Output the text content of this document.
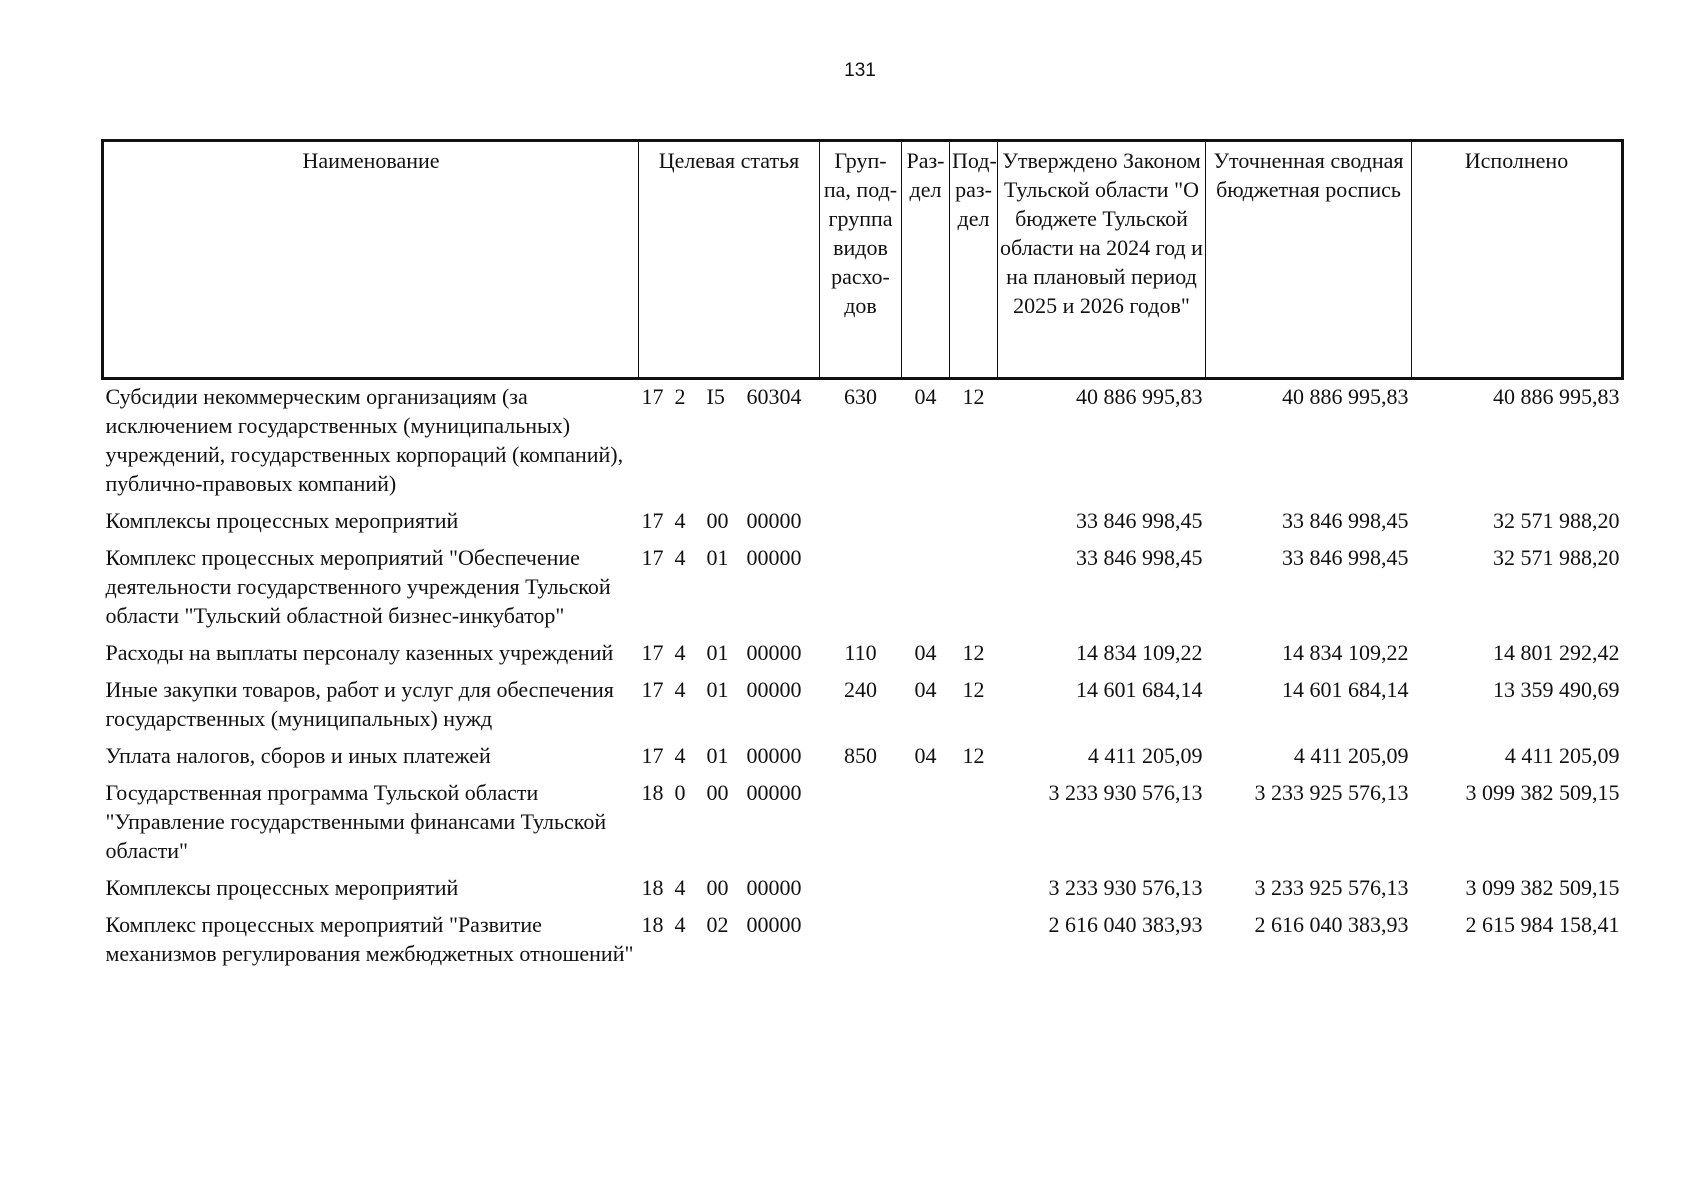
131
Наименование	Целевая статья	Груп-па, под-группа видов расхо-дов	Раз-дел	Под-раз-дел	Утверждено Законом Тульской области "О бюджете Тульской области на 2024 год и на плановый период 2025 и 2026 годов"	Уточненная сводная бюджетная роспись	Исполнено
Субсидии некоммерческим организациям (за исключением государственных (муниципальных) учреждений, государственных корпораций (компаний), публично-правовых компаний)	17 2 I5 60304	630	04	12	40 886 995,83	40 886 995,83	40 886 995,83
Комплексы процессных мероприятий	17 4 00 00000				33 846 998,45	33 846 998,45	32 571 988,20
Комплекс процессных мероприятий "Обеспечение деятельности государственного учреждения Тульской области "Тульский областной бизнес-инкубатор"	17 4 01 00000				33 846 998,45	33 846 998,45	32 571 988,20
Расходы на выплаты персоналу казенных учреждений	17 4 01 00000	110	04	12	14 834 109,22	14 834 109,22	14 801 292,42
Иные закупки товаров, работ и услуг для обеспечения государственных (муниципальных) нужд	17 4 01 00000	240	04	12	14 601 684,14	14 601 684,14	13 359 490,69
Уплата налогов, сборов и иных платежей	17 4 01 00000	850	04	12	4 411 205,09	4 411 205,09	4 411 205,09
Государственная программа Тульской области "Управление государственными финансами Тульской области"	18 0 00 00000				3 233 930 576,13	3 233 925 576,13	3 099 382 509,15
Комплексы процессных мероприятий	18 4 00 00000				3 233 930 576,13	3 233 925 576,13	3 099 382 509,15
Комплекс процессных мероприятий "Развитие механизмов регулирования межбюджетных отношений"	18 4 02 00000				2 616 040 383,93	2 616 040 383,93	2 615 984 158,41
